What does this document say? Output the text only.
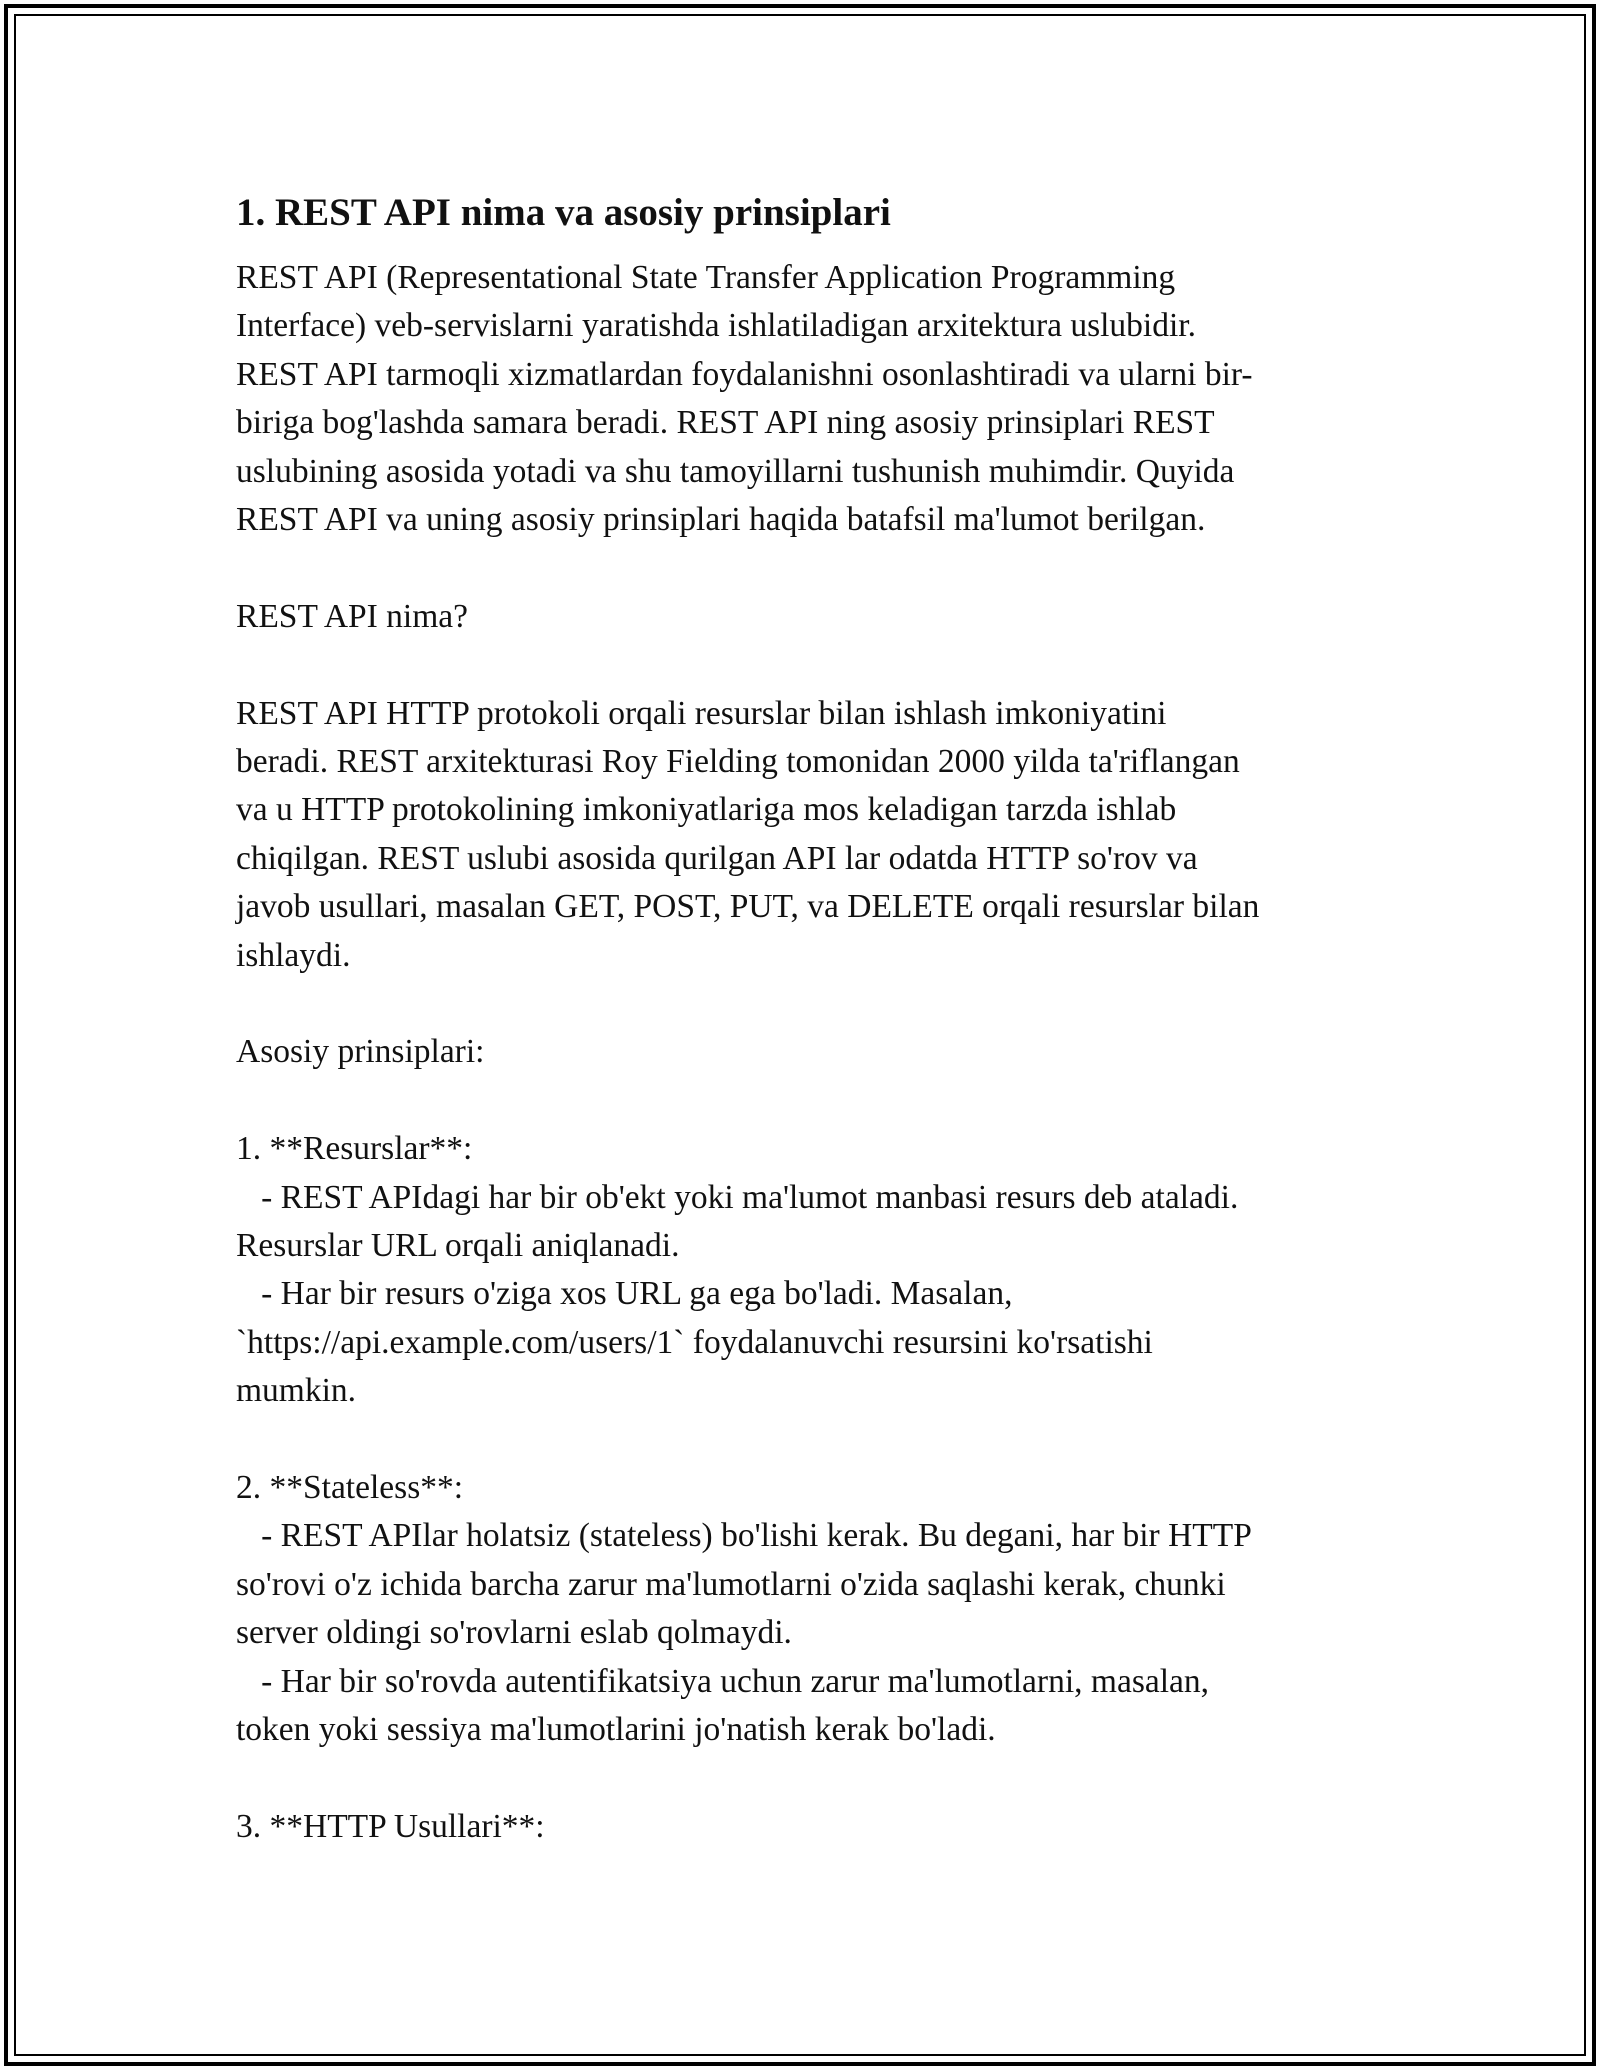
1. REST API nima va asosiy prinsiplari

REST API (Representational State Transfer Application Programming
Interface) veb-servislarni yaratishda ishlatiladigan arxitektura uslubidir.
REST API tarmoqli xizmatlardan foydalanishni osonlashtiradi va ularni bir-
biriga bog'lashda samara beradi. REST API ning asosiy prinsiplari REST
uslubining asosida yotadi va shu tamoyillarni tushunish muhimdir. Quyida
REST API va uning asosiy prinsiplari haqida batafsil ma'lumot berilgan.

REST API nima?

REST API HTTP protokoli orqali resurslar bilan ishlash imkoniyatini
beradi. REST arxitekturasi Roy Fielding tomonidan 2000 yilda ta'riflangan
va u HTTP protokolining imkoniyatlariga mos keladigan tarzda ishlab
chiqilgan. REST uslubi asosida qurilgan API lar odatda HTTP so'rov va
javob usullari, masalan GET, POST, PUT, va DELETE orqali resurslar bilan
ishlaydi.

Asosiy prinsiplari:

1. **Resurslar**:
- REST APIdagi har bir ob'ekt yoki ma'lumot manbasi resurs deb ataladi.
Resurslar URL orqali aniqlanadi.
- Har bir resurs o'ziga xos URL ga ega bo'ladi. Masalan,
`https://api.example.com/users/1` foydalanuvchi resursini ko'rsatishi
mumkin.

2. **Stateless**:
- REST APIlar holatsiz (stateless) bo'lishi kerak. Bu degani, har bir HTTP
so'rovi o'z ichida barcha zarur ma'lumotlarni o'zida saqlashi kerak, chunki
server oldingi so'rovlarni eslab qolmaydi.
- Har bir so'rovda autentifikatsiya uchun zarur ma'lumotlarni, masalan,
token yoki sessiya ma'lumotlarini jo'natish kerak bo'ladi.

3. **HTTP Usullari**:
